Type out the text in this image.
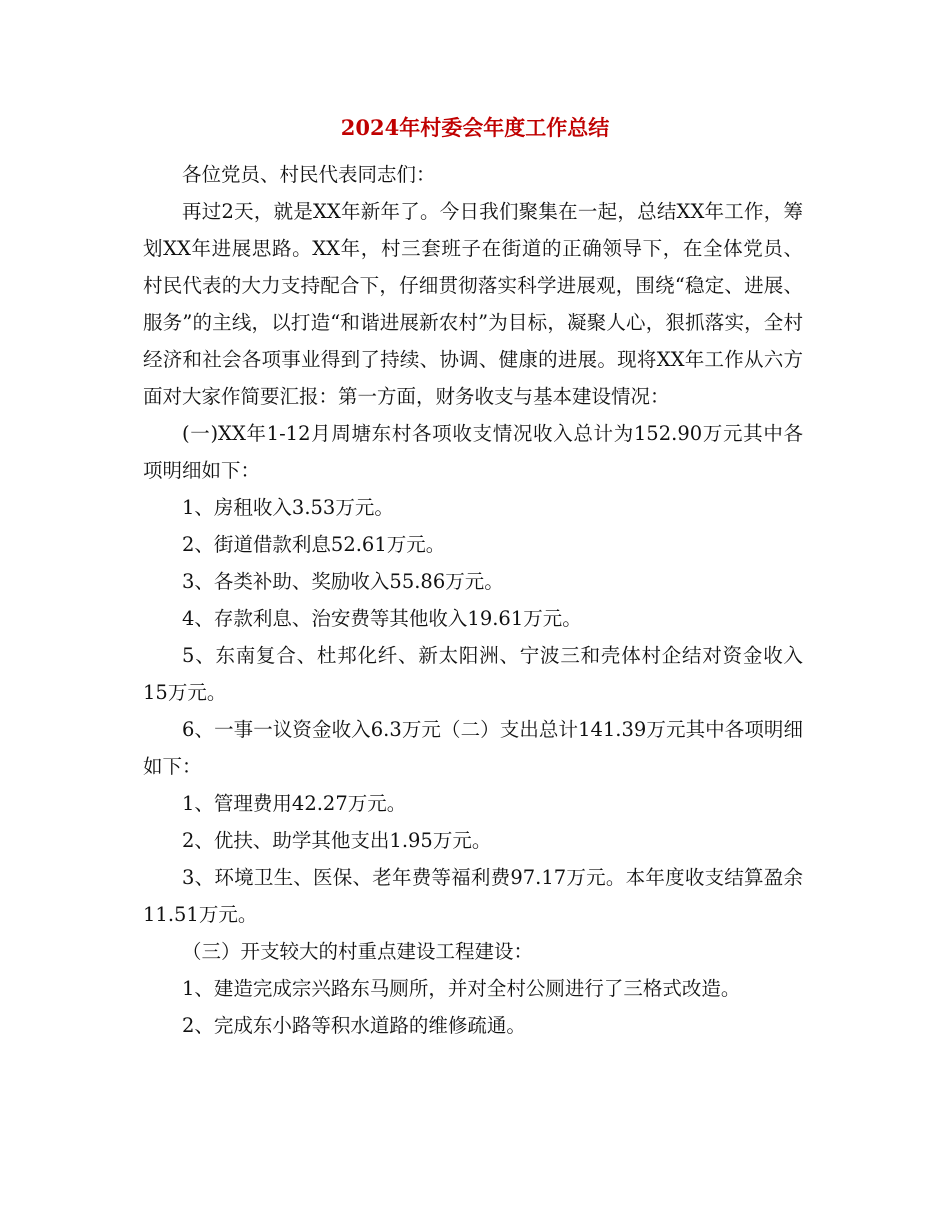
2024年村委会年度工作总结

各位党员、村民代表同志们：

再过2天，就是XX年新年了。今日我们聚集在一起，总结XX年工作，筹划XX年进展思路。XX年，村三套班子在街道的正确领导下，在全体党员、村民代表的大力支持配合下，仔细贯彻落实科学进展观，围绕“稳定、进展、服务”的主线，以打造“和谐进展新农村”为目标，凝聚人心，狠抓落实，全村经济和社会各项事业得到了持续、协调、健康的进展。现将XX年工作从六方面对大家作简要汇报：第一方面，财务收支与基本建设情况：

(一)XX年1-12月周塘东村各项收支情况收入总计为152.90万元其中各项明细如下：

1、房租收入3.53万元。

2、街道借款利息52.61万元。

3、各类补助、奖励收入55.86万元。

4、存款利息、治安费等其他收入19.61万元。

5、东南复合、杜邦化纤、新太阳洲、宁波三和壳体村企结对资金收入15万元。

6、一事一议资金收入6.3万元（二）支出总计141.39万元其中各项明细如下：

1、管理费用42.27万元。

2、优扶、助学其他支出1.95万元。

3、环境卫生、医保、老年费等福利费97.17万元。本年度收支结算盈余11.51万元。

（三）开支较大的村重点建设工程建设：

1、建造完成宗兴路东马厕所，并对全村公厕进行了三格式改造。

2、完成东小路等积水道路的维修疏通。
